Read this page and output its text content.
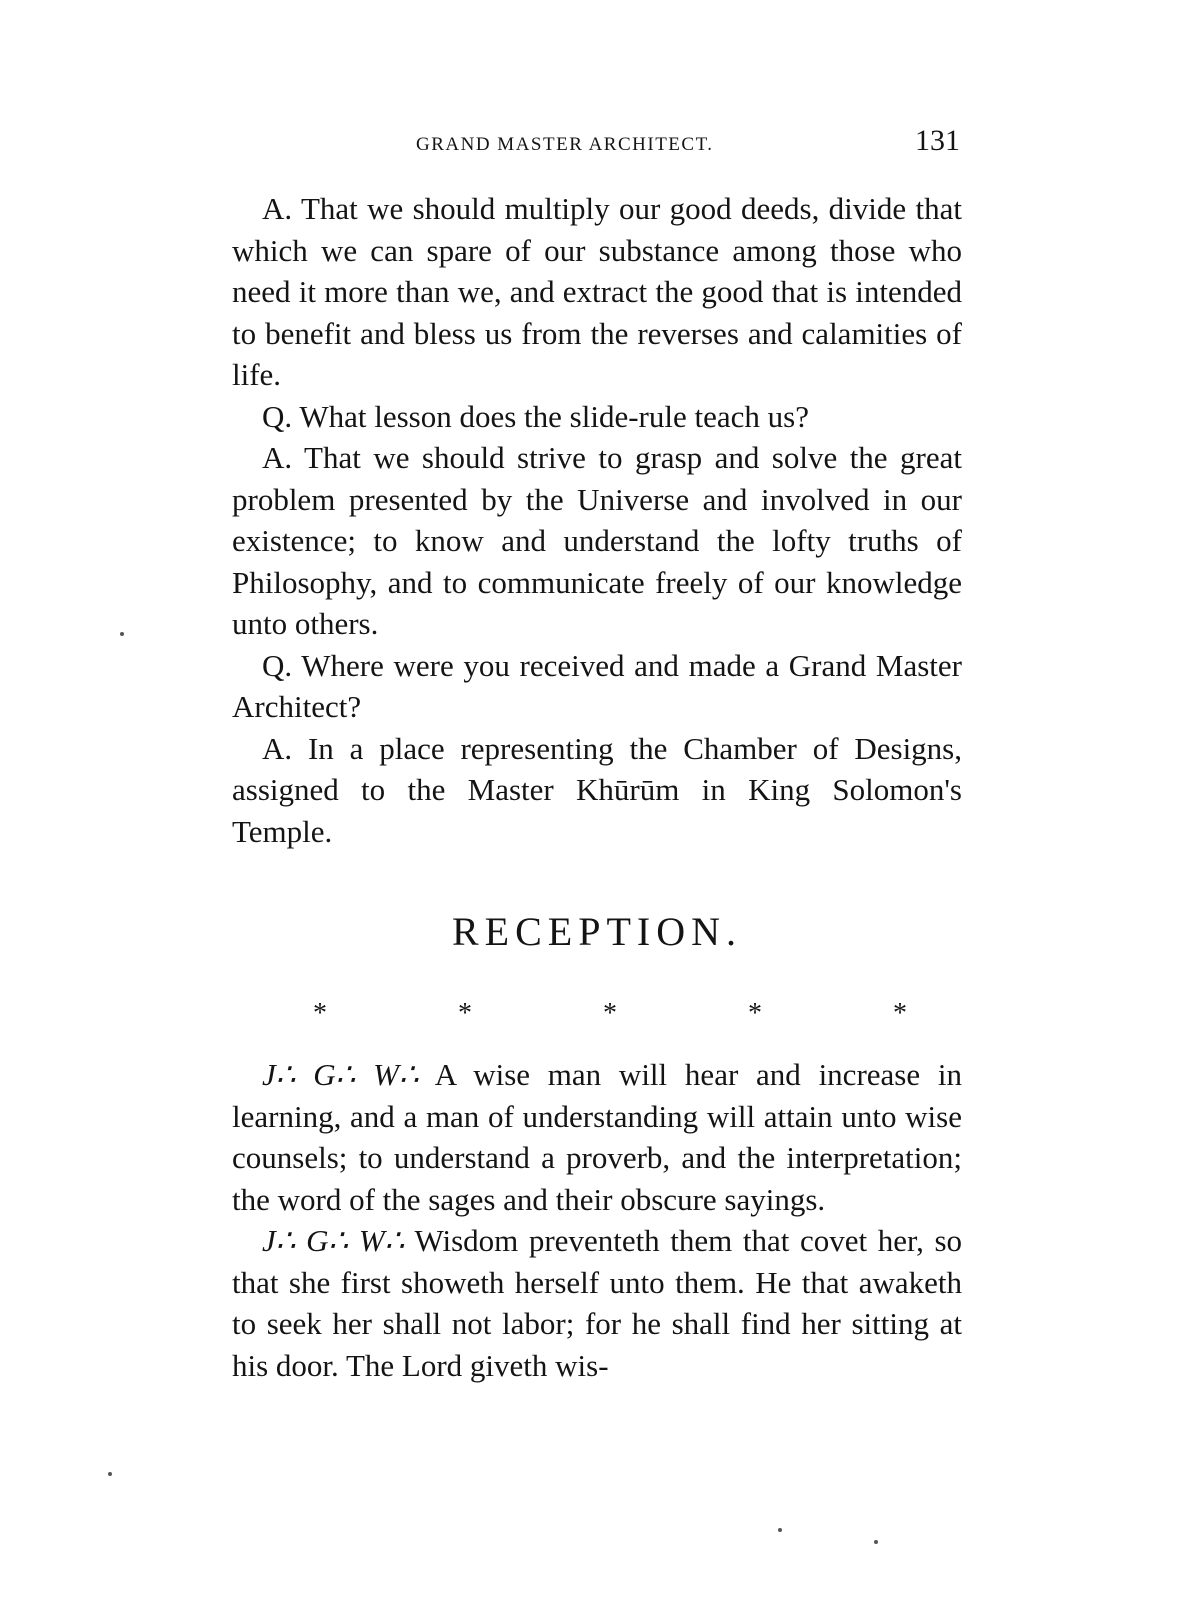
GRAND MASTER ARCHITECT.	131

A. That we should multiply our good deeds, divide that which we can spare of our substance among those who need it more than we, and extract the good that is intended to benefit and bless us from the reverses and calamities of life.

Q. What lesson does the slide-rule teach us?

A. That we should strive to grasp and solve the great problem presented by the Universe and involved in our existence; to know and understand the lofty truths of Philosophy, and to communicate freely of our knowledge unto others.

Q. Where were you received and made a Grand Master Architect?

A. In a place representing the Chamber of Designs, assigned to the Master Khūrūm in King Solomon's Temple.

RECEPTION.
*	*	*	*	*

J∴ G∴ W∴ A wise man will hear and increase in learning, and a man of understanding will attain unto wise counsels; to understand a proverb, and the interpretation; the word of the sages and their obscure sayings.

J∴ G∴ W∴ Wisdom preventeth them that covet her, so that she first showeth herself unto them. He that awaketh to seek her shall not labor; for he shall find her sitting at his door. The Lord giveth wis-
